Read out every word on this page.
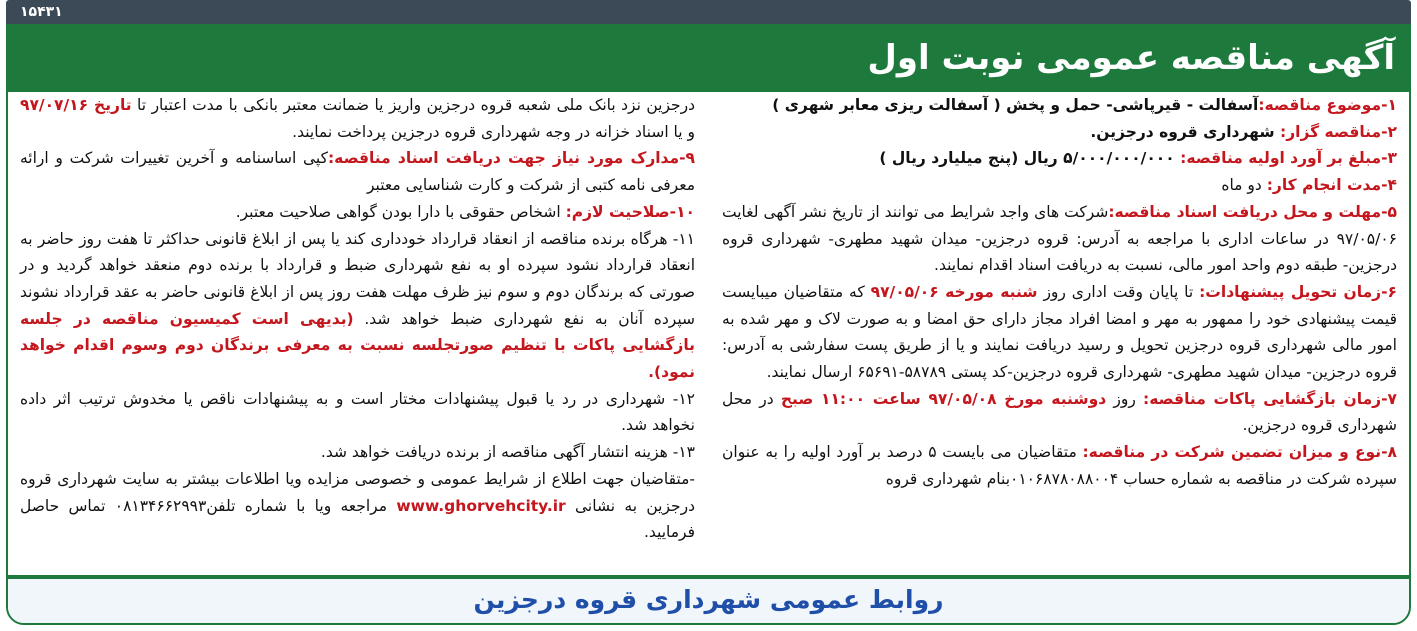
۱۵۴۳۱
آگهی مناقصه عمومی نوبت اول

۱-موضوع مناقصه:آسفالت - قیرپاشی- حمل و پخش ( آسفالت ریزی معابر شهری )

۲-مناقصه گزار: شهرداری قروه درجزین.

۳-مبلغ بر آورد اولیه مناقصه: ۵/۰۰۰/۰۰۰/۰۰۰ ریال (پنج میلیارد ریال )

۴-مدت انجام کار: دو ماه

۵-مهلت و محل دریافت اسناد مناقصه:شرکت های واجد شرایط می توانند از تاریخ نشر آگهی لغایت ۹۷/۰۵/۰۶ در ساعات اداری با مراجعه به آدرس: قروه درجزین- میدان شهید مطهری- شهرداری قروه درجزین- طبقه دوم واحد امور مالی، نسبت به دریافت اسناد اقدام نمایند.

۶-زمان تحویل پیشنهادات: تا پایان وقت اداری روز شنبه مورخه ۹۷/۰۵/۰۶ که متقاضیان میبایست قیمت پیشنهادی خود را ممهور به مهر و امضا افراد مجاز دارای حق امضا و به صورت لاک و مهر شده به امور مالی شهرداری قروه درجزین تحویل و رسید دریافت نمایند و یا از طریق پست سفارشی به آدرس: قروه درجزین- میدان شهید مطهری- شهرداری قروه درجزین-کد پستی ۵۸۷۸۹-۶۵۶۹۱ ارسال نمایند.

۷-زمان بازگشایی پاکات مناقصه: روز دوشنبه مورخ ۹۷/۰۵/۰۸ ساعت ۱۱:۰۰ صبح در محل شهرداری قروه درجزین.

۸-نوع و میزان تضمین شرکت در مناقصه: متقاضیان می بایست ۵ درصد بر آورد اولیه را به عنوان سپرده شرکت در مناقصه به شماره حساب ۰۱۰۶۸۷۸۰۸۸۰۰۴بنام شهرداری قروه

درجزین نزد بانک ملی شعبه قروه درجزین واریز یا ضمانت معتبر بانکی با مدت اعتبار تا تاریخ ۹۷/۰۷/۱۶ و یا اسناد خزانه در وجه شهرداری قروه درجزین پرداخت نمایند.

۹-مدارک مورد نیاز جهت دریافت اسناد مناقصه:کپی اساسنامه و آخرین تغییرات شرکت و ارائه معرفی نامه کتبی از شرکت و کارت شناسایی معتبر

۱۰-صلاحیت لازم: اشخاص حقوقی با دارا بودن گواهی صلاحیت معتبر.

۱۱- هرگاه برنده مناقصه از انعقاد قرارداد خودداری کند یا پس از ابلاغ قانونی حداکثر تا هفت روز حاضر به انعقاد قرارداد نشود سپرده او به نفع شهرداری ضبط و قرارداد با برنده دوم منعقد خواهد گردید و در صورتی که برندگان دوم و سوم نیز ظرف مهلت هفت روز پس از ابلاغ قانونی حاضر به عقد قرارداد نشوند سپرده آنان به نفع شهرداری ضبط خواهد شد. (بدیهی است کمیسیون مناقصه در جلسه بازگشایی پاکات با تنظیم صورتجلسه نسبت به معرفی برندگان دوم وسوم اقدام خواهد نمود).

۱۲- شهرداری در رد یا قبول پیشنهادات مختار است و به پیشنهادات ناقص یا مخدوش ترتیب اثر داده نخواهد شد.

۱۳- هزینه انتشار آگهی مناقصه از برنده دریافت خواهد شد.

-متقاضیان جهت اطلاع از شرایط عمومی و خصوصی مزایده ویا اطلاعات بیشتر به سایت شهرداری قروه درجزین به نشانی www.ghorvehcity.ir مراجعه ویا با شماره تلفن۰۸۱۳۴۶۶۲۹۹۳ تماس حاصل فرمایید.

روابط عمومی شهرداری قروه درجزین
